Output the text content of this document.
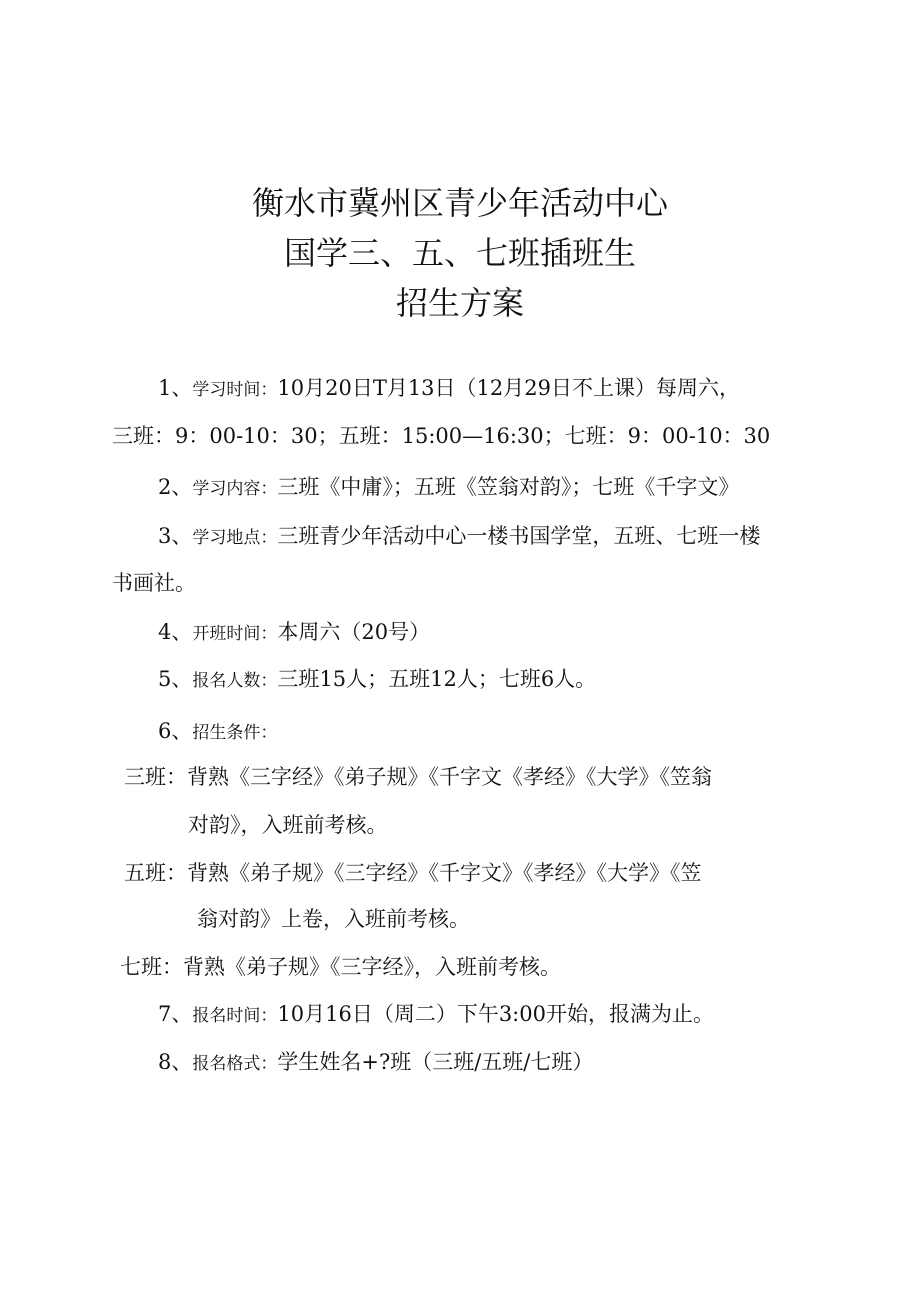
衡水市冀州区青少年活动中心
国学三、五、七班插班生
招生方案
1、学习时间：10月20日T月13日（12月29日不上课）每周六，
三班：9：00-10：30；五班：15:00—16:30；七班：9：00-10：30
2、学习内容：三班《中庸》；五班《笠翁对韵》；七班《千字文》
3、学习地点：三班青少年活动中心一楼书国学堂，五班、七班一楼
书画社。
4、开班时间：本周六（20号）
5、报名人数：三班15人；五班12人；七班6人。
6、招生条件：
三班：背熟《三字经》《弟子规》《千字文《孝经》《大学》《笠翁
对韵》，入班前考核。
五班：背熟《弟子规》《三字经》《千字文》《孝经》《大学》《笠
翁对韵》上卷，入班前考核。
七班：背熟《弟子规》《三字经》，入班前考核。
7、报名时间：10月16日（周二）下午3:00开始，报满为止。
8、报名格式：学生姓名+?班（三班/五班/七班）
